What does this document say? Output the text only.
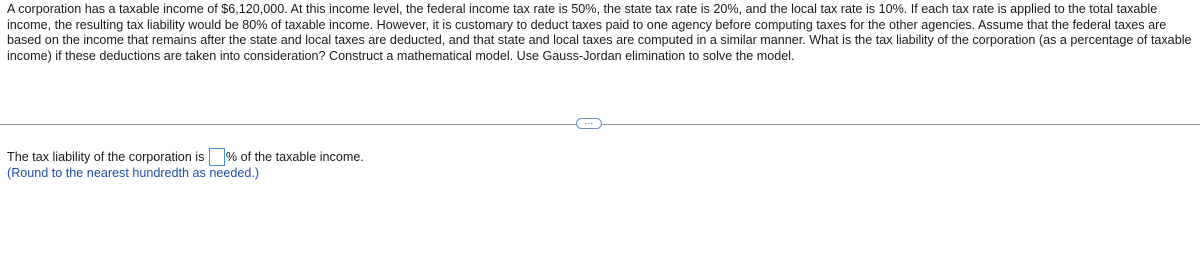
A corporation has a taxable income of $6,120,000. At this income level, the federal income tax rate is 50%, the state tax rate is 20%, and the local tax rate is 10%. If each tax rate is applied to the total taxable income, the resulting tax liability would be 80% of taxable income. However, it is customary to deduct taxes paid to one agency before computing taxes for the other agencies. Assume that the federal taxes are based on the income that remains after the state and local taxes are deducted, and that state and local taxes are computed in a similar manner. What is the tax liability of the corporation (as a percentage of taxable income) if these deductions are taken into consideration? Construct a mathematical model. Use Gauss-Jordan elimination to solve the model.

...
The tax liability of the corporation is % of the taxable income.
(Round to the nearest hundredth as needed.)
